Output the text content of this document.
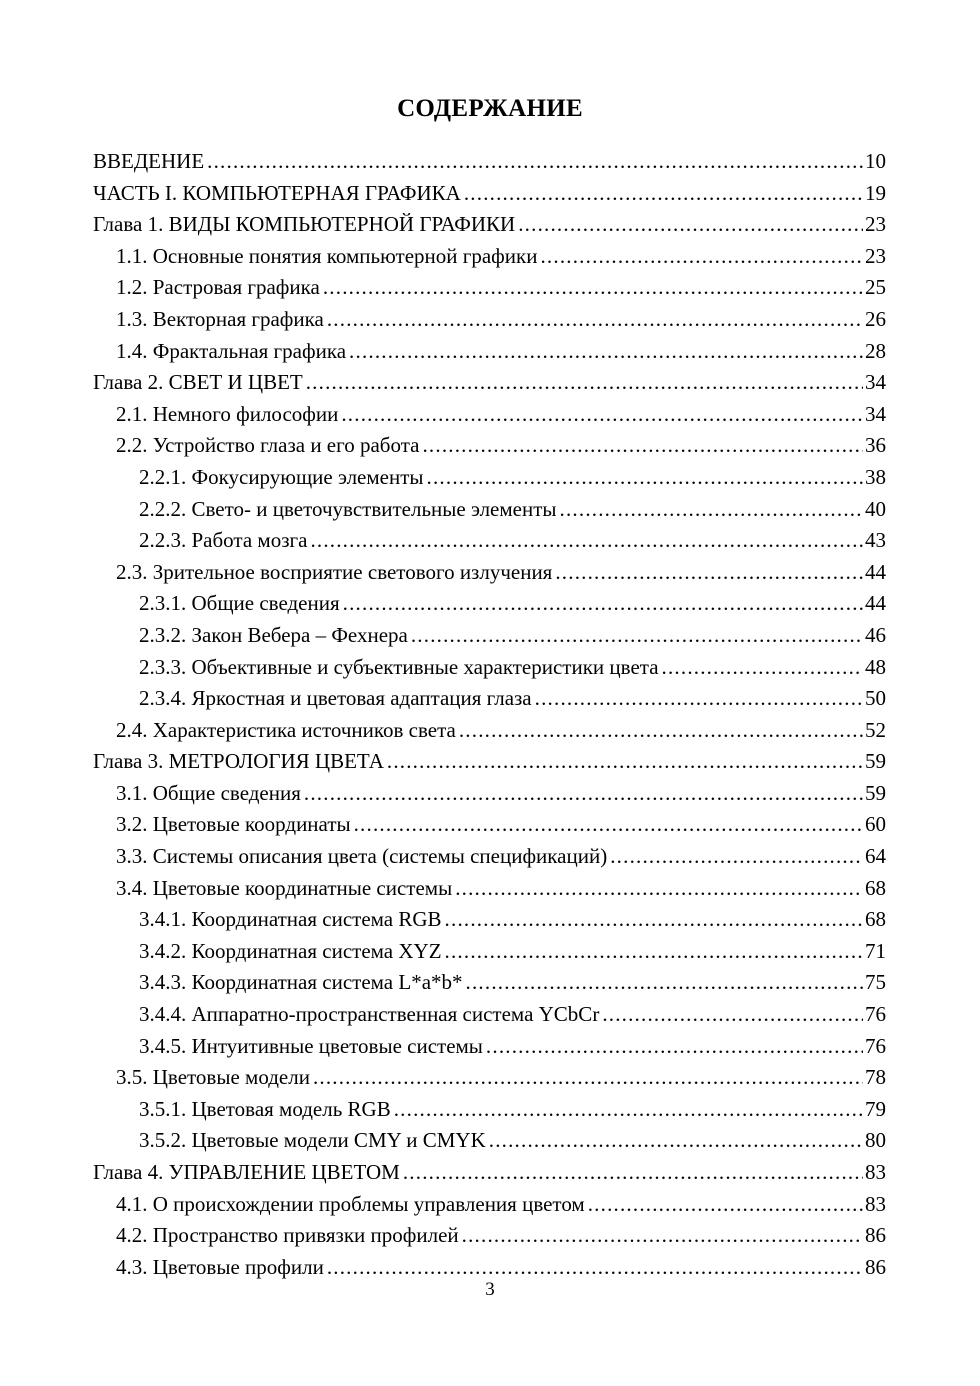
СОДЕРЖАНИЕ
ВВЕДЕНИЕ .....	10
ЧАСТЬ I. КОМПЬЮТЕРНАЯ ГРАФИКА .....	19
Глава 1. ВИДЫ КОМПЬЮТЕРНОЙ ГРАФИКИ .....	23
1.1. Основные понятия компьютерной графики .....	23
1.2. Растровая графика .....	25
1.3. Векторная графика .....	26
1.4. Фрактальная графика .....	28
Глава 2. СВЕТ И ЦВЕТ .....	34
2.1. Немного философии .....	34
2.2. Устройство глаза и его работа .....	36
2.2.1. Фокусирующие элементы .....	38
2.2.2. Свето- и цветочувствительные элементы .....	40
2.2.3. Работа мозга .....	43
2.3. Зрительное восприятие светового излучения .....	44
2.3.1. Общие сведения .....	44
2.3.2. Закон Вебера – Фехнера .....	46
2.3.3. Объективные и субъективные характеристики цвета .....	48
2.3.4. Яркостная и цветовая адаптация глаза .....	50
2.4. Характеристика источников света .....	52
Глава 3. МЕТРОЛОГИЯ ЦВЕТА .....	59
3.1. Общие сведения .....	59
3.2. Цветовые координаты .....	60
3.3. Системы описания цвета (системы спецификаций) .....	64
3.4. Цветовые координатные системы .....	68
3.4.1. Координатная система RGB .....	68
3.4.2. Координатная система XYZ .....	71
3.4.3. Координатная система L*a*b* .....	75
3.4.4. Аппаратно-пространственная система YCbCr .....	76
3.4.5. Интуитивные цветовые системы .....	76
3.5. Цветовые модели .....	78
3.5.1. Цветовая модель RGB .....	79
3.5.2. Цветовые модели CMY и CMYK .....	80
Глава 4. УПРАВЛЕНИЕ ЦВЕТОМ .....	83
4.1. О происхождении проблемы управления цветом .....	83
4.2. Пространство привязки профилей .....	86
4.3. Цветовые профили .....	86
3
